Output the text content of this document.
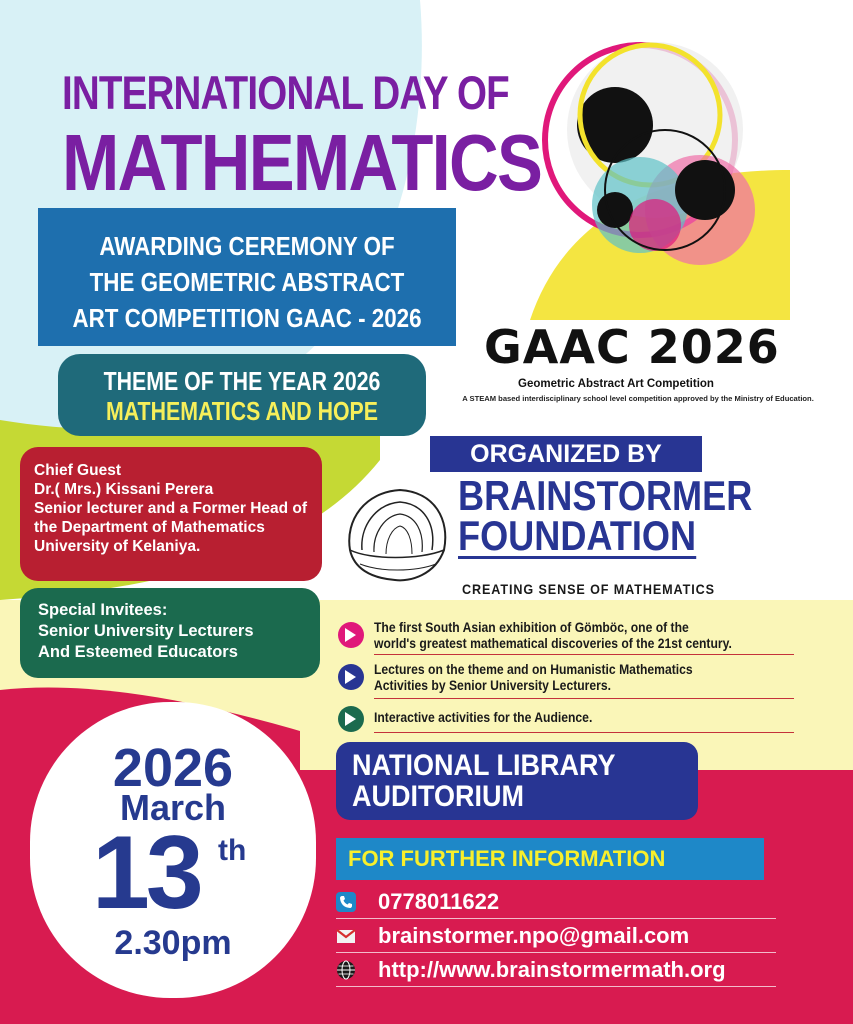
INTERNATIONAL DAY OF
MATHEMATICS
AWARDING CEREMONY OF
THE GEOMETRIC ABSTRACT
ART COMPETITION GAAC - 2026
THEME OF THE YEAR 2026
MATHEMATICS AND HOPE
Chief Guest
Dr.( Mrs.) Kissani Perera
Senior lecturer and a Former Head of
the Department of Mathematics
University of Kelaniya.
Special Invitees:
Senior University Lecturers
And Esteemed Educators
2026
March
13 th
2.30pm
GAAC 2026
Geometric Abstract Art Competition
A STEAM based interdisciplinary school level competition approved by the Ministry of Education.
ORGANIZED BY
BRAINSTORMER
FOUNDATION
CREATING SENSE OF MATHEMATICS
The first South Asian exhibition of Gömböc, one of the
world's greatest mathematical discoveries of the 21st century.
Lectures on the theme and on Humanistic Mathematics
Activities by Senior University Lecturers.
Interactive activities for the Audience.
NATIONAL LIBRARY
AUDITORIUM
FOR FURTHER INFORMATION
0778011622
brainstormer.npo@gmail.com
http://www.brainstormermath.org
